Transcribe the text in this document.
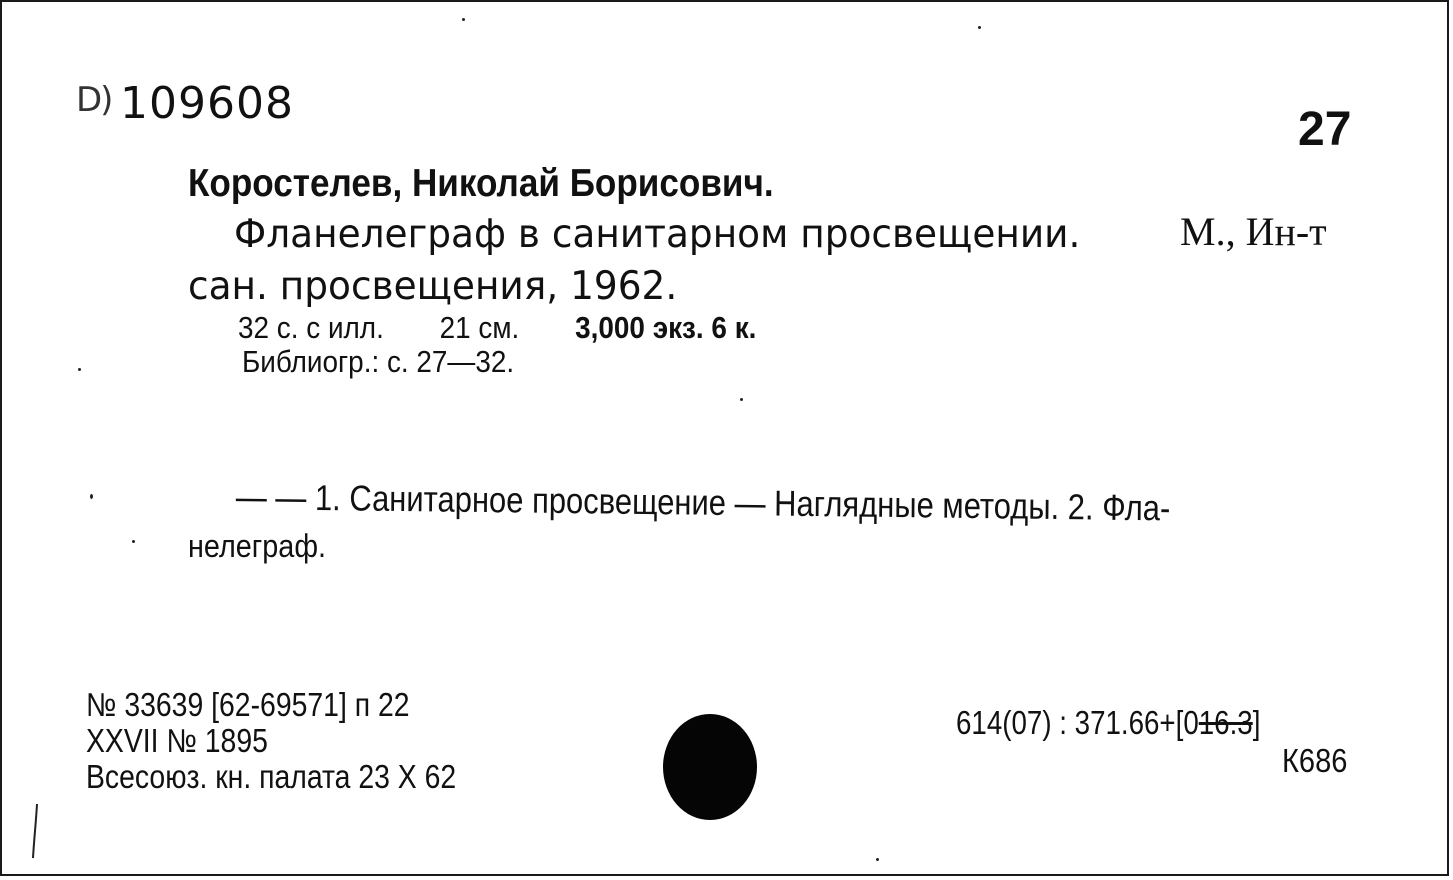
D) 109608	27
Коростелев, Николай Борисович.
Фланелеграф в санитарном просвещении. М., Ин-т
сан. просвещения, 1962.
32 с. с илл. 21 см. 3,000 экз. 6 к.
Библиогр.: с. 27—32.
— — 1. Санитарное просвещение — Наглядные методы. 2. Фла-
нелеграф.
№ 33639 [62-69571] п 22
XXVII № 1895
Всесоюз. кн. палата 23 X 62
614(07) : 371.66+[016.3]
К686
